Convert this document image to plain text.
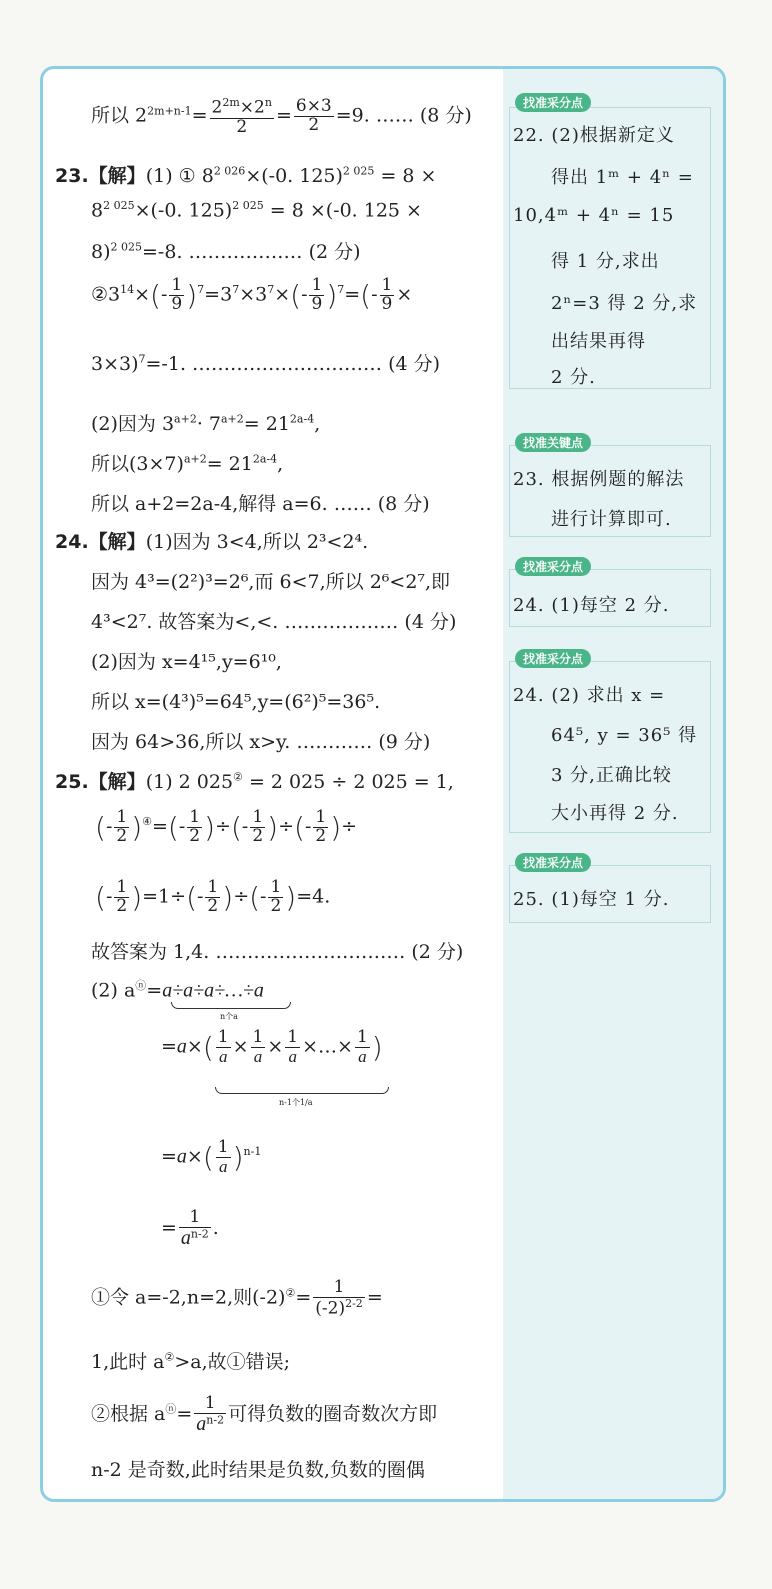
所以 $2^{2m+n-1}= \frac{2^{2m}\times 2^n}{2} = \frac{6\times 3}{2} =9$. …… (8 分)
23.【解】(1) ① $8^{2 026}\times(-0$. 125)$^{2 025}$ = 8 ×
$8^{2 025}\times(-0$. 125)$^{2 025}$ = 8 ×(-0. 125 ×
8)$^{2 025}$=-8. ……………… (2 分)
$②3^{14}\times(- \frac{1}{9} )^7=3^7\times 3^7\times(- \frac{1}{9} )^7=(- \frac{1}{9}$ ×
3×3)$^7$=-1. ………………………… (4 分)
(2)因为 $3^{a+2}\cdot 7^{a+2}= 21^{2a-4}$,
所以$(3\times 7)^{a+2}= 21^{2a-4}$,
所以 a+2=2a-4,解得 a=6. …… (8 分)
24.【解】(1)因为 3<4,所以 2³<2⁴.
因为 4³=(2²)³=2⁶,而 6<7,所以 2⁶<2⁷,即
4³<2⁷. 故答案为<,<. ……………… (4 分)
(2)因为 x=4¹⁵,y=6¹⁰,
所以 x=(4³)⁵=64⁵,y=(6²)⁵=36⁵.
因为 64>36,所以 x>y. ………… (9 分)
25.【解】(1) 2 025② = 2 025 ÷ 2 025 = 1,
(- $\frac{1}{2} )^④=(- \frac{1}{2}$ )÷(- $\frac{1}{2}$ )÷(- $\frac{1}{2}$ )÷
(- $\frac{1}{2} )=1\div(- \frac{1}{2}$ )÷(- $\frac{1}{2} )=4$.
故答案为 1,4. ………………………… (2 分)
(2) aⓝ=a÷a÷a÷…÷a
n个a
$=a\times( \frac{1}{a} \times \frac{1}{a} \times \frac{1}{a}$ ×…× $\frac{1}{a}$ )
n-1个1/a
$=a\times( \frac{1}{a} )^{n-1}$
= $\frac{1}{a^{n-2}}$ .
①令 a=-2,n=2,则$(-2)^②= \frac{1}{(-2)^{2-2}}$ =
1,此时 a②>a,故①错误;
②根据 $a^ⓝ= \frac{1}{a^{n-2}}$ 可得负数的圈奇数次方即
n-2 是奇数,此时结果是负数,负数的圈偶
找准采分点
22. (2)根据新定义
得出 1ᵐ + 4ⁿ =
10,4ᵐ + 4ⁿ = 15
得 1 分,求出
2ⁿ=3 得 2 分,求
出结果再得
2 分.
找准关键点
23. 根据例题的解法
进行计算即可.
找准采分点
24. (1)每空 2 分.
找准采分点
24. (2) 求出 x =
64⁵, y = 36⁵ 得
3 分,正确比较
大小再得 2 分.
找准采分点
25. (1)每空 1 分.
